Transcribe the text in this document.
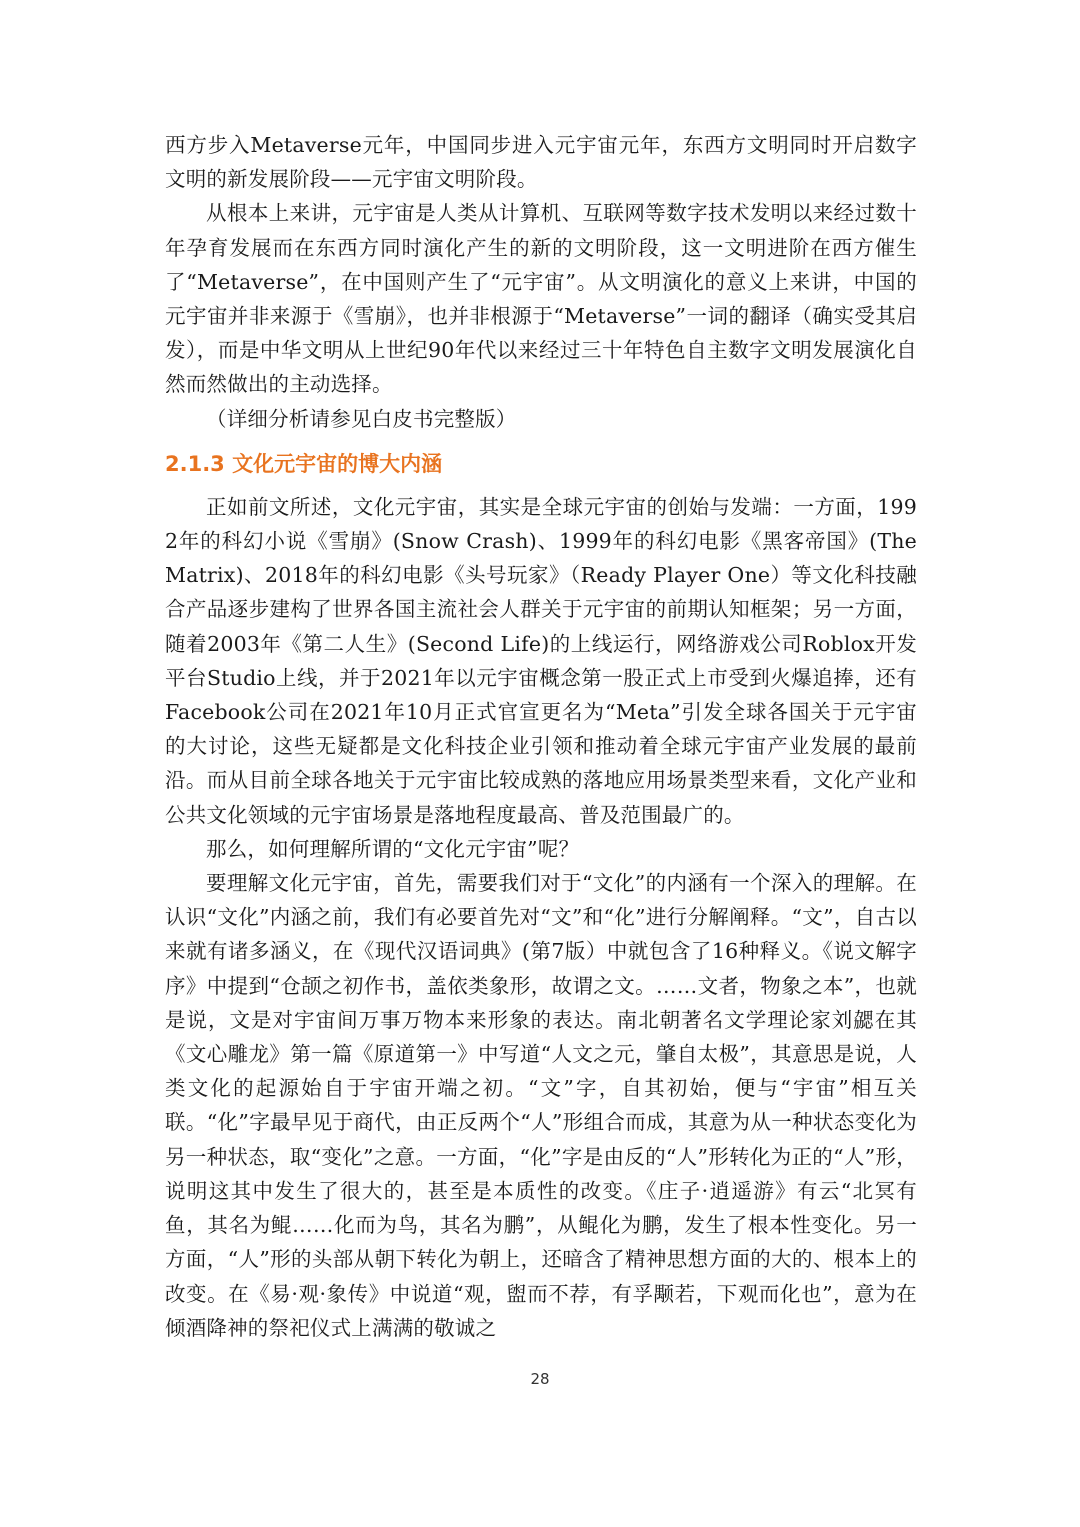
西方步入Metaverse元年，中国同步进入元宇宙元年，东西方文明同时开启数字文明的新发展阶段——元宇宙文明阶段。

从根本上来讲，元宇宙是人类从计算机、互联网等数字技术发明以来经过数十年孕育发展而在东西方同时演化产生的新的文明阶段，这一文明进阶在西方催生了“Metaverse”，在中国则产生了“元宇宙”。从文明演化的意义上来讲，中国的元宇宙并非来源于《雪崩》，也并非根源于“Metaverse”一词的翻译（确实受其启发），而是中华文明从上世纪90年代以来经过三十年特色自主数字文明发展演化自然而然做出的主动选择。

（详细分析请参见白皮书完整版）

2.1.3 文化元宇宙的博大内涵

正如前文所述，文化元宇宙，其实是全球元宇宙的创始与发端：一方面，1992年的科幻小说《雪崩》(Snow Crash)、1999年的科幻电影《黑客帝国》(The Matrix)、2018年的科幻电影《头号玩家》（Ready Player One）等文化科技融合产品逐步建构了世界各国主流社会人群关于元宇宙的前期认知框架；另一方面，随着2003年《第二人生》(Second Life)的上线运行，网络游戏公司Roblox开发平台Studio上线，并于2021年以元宇宙概念第一股正式上市受到火爆追捧，还有Facebook公司在2021年10月正式官宣更名为“Meta”引发全球各国关于元宇宙的大讨论，这些无疑都是文化科技企业引领和推动着全球元宇宙产业发展的最前沿。而从目前全球各地关于元宇宙比较成熟的落地应用场景类型来看，文化产业和公共文化领域的元宇宙场景是落地程度最高、普及范围最广的。

那么，如何理解所谓的“文化元宇宙”呢？

要理解文化元宇宙，首先，需要我们对于“文化”的内涵有一个深入的理解。在认识“文化”内涵之前，我们有必要首先对“文”和“化”进行分解阐释。“文”，自古以来就有诸多涵义，在《现代汉语词典》(第7版）中就包含了16种释义。《说文解字序》中提到“仓颉之初作书，盖依类象形，故谓之文。……文者，物象之本”，也就是说，文是对宇宙间万事万物本来形象的表达。南北朝著名文学理论家刘勰在其《文心雕龙》第一篇《原道第一》中写道“人文之元，肇自太极”，其意思是说，人类文化的起源始自于宇宙开端之初。“文”字，自其初始，便与“宇宙”相互关联。“化”字最早见于商代，由正反两个“人”形组合而成，其意为从一种状态变化为另一种状态，取“变化”之意。一方面，“化”字是由反的“人”形转化为正的“人”形，说明这其中发生了很大的，甚至是本质性的改变。《庄子·逍遥游》有云“北冥有鱼，其名为鲲……化而为鸟，其名为鹏”，从鲲化为鹏，发生了根本性变化。另一方面，“人”形的头部从朝下转化为朝上，还暗含了精神思想方面的大的、根本上的改变。在《易·观·象传》中说道“观，盥而不荐，有孚颙若，下观而化也”，意为在倾酒降神的祭祀仪式上满满的敬诚之

28
